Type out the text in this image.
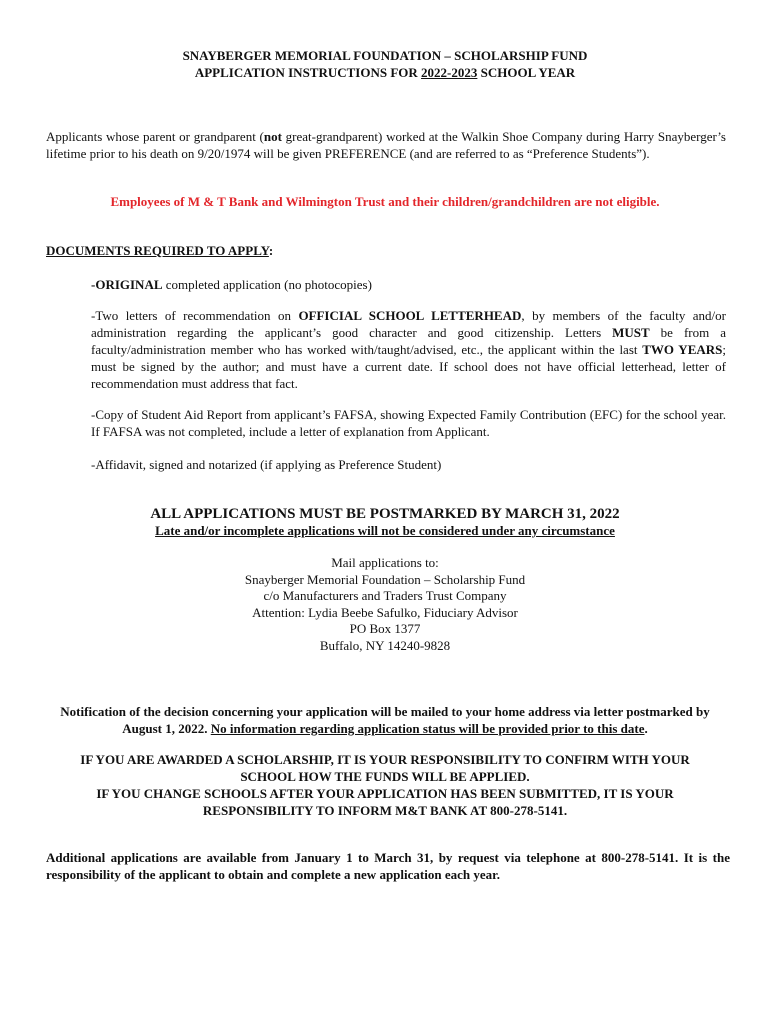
SNAYBERGER MEMORIAL FOUNDATION – SCHOLARSHIP FUND
APPLICATION INSTRUCTIONS FOR 2022-2023 SCHOOL YEAR
Applicants whose parent or grandparent (not great-grandparent) worked at the Walkin Shoe Company during Harry Snayberger’s lifetime prior to his death on 9/20/1974 will be given PREFERENCE (and are referred to as “Preference Students”).
Employees of M & T Bank and Wilmington Trust and their children/grandchildren are not eligible.
DOCUMENTS REQUIRED TO APPLY:
-ORIGINAL completed application (no photocopies)
-Two letters of recommendation on OFFICIAL SCHOOL LETTERHEAD, by members of the faculty and/or administration regarding the applicant’s good character and good citizenship. Letters MUST be from a faculty/administration member who has worked with/taught/advised, etc., the applicant within the last TWO YEARS; must be signed by the author; and must have a current date. If school does not have official letterhead, letter of recommendation must address that fact.
-Copy of Student Aid Report from applicant’s FAFSA, showing Expected Family Contribution (EFC) for the school year. If FAFSA was not completed, include a letter of explanation from Applicant.
-Affidavit, signed and notarized (if applying as Preference Student)
ALL APPLICATIONS MUST BE POSTMARKED BY MARCH 31, 2022
Late and/or incomplete applications will not be considered under any circumstance
Mail applications to:
Snayberger Memorial Foundation – Scholarship Fund
c/o Manufacturers and Traders Trust Company
Attention: Lydia Beebe Safulko, Fiduciary Advisor
PO Box 1377
Buffalo, NY 14240-9828
Notification of the decision concerning your application will be mailed to your home address via letter postmarked by August 1, 2022. No information regarding application status will be provided prior to this date.
IF YOU ARE AWARDED A SCHOLARSHIP, IT IS YOUR RESPONSIBILITY TO CONFIRM WITH YOUR
SCHOOL HOW THE FUNDS WILL BE APPLIED.
IF YOU CHANGE SCHOOLS AFTER YOUR APPLICATION HAS BEEN SUBMITTED, IT IS YOUR
RESPONSIBILITY TO INFORM M&T BANK AT 800-278-5141.
Additional applications are available from January 1 to March 31, by request via telephone at 800-278-5141. It is the responsibility of the applicant to obtain and complete a new application each year.
